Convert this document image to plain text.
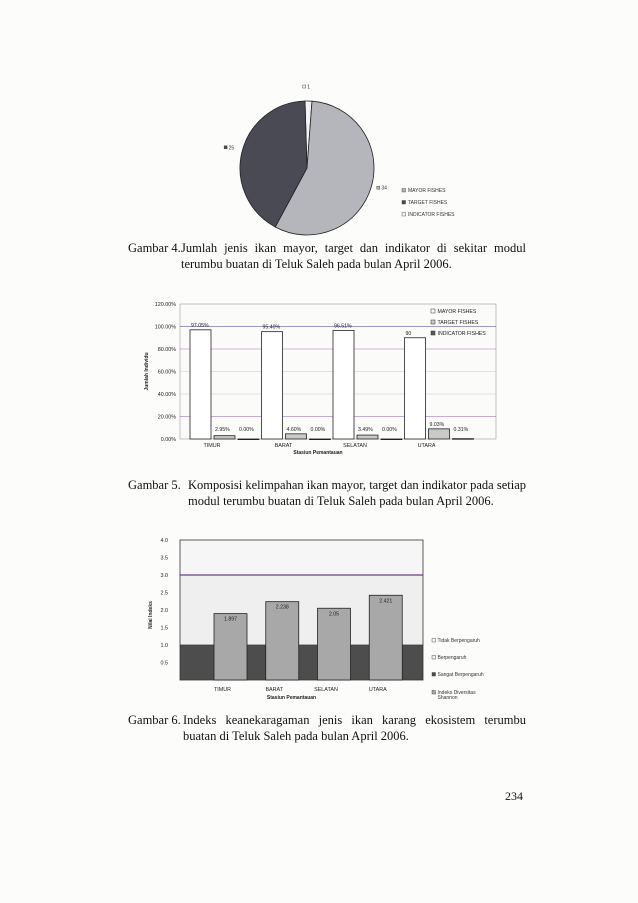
1
34
25
MAYOR FISHES
TARGET FISHES
INDICATOR FISHES
Gambar 4. Jumlah jenis ikan mayor, target dan indikator di sekitar modul terumbu buatan di Teluk Saleh pada bulan April 2006.
0.00%
20.00%
40.00%
60.00%
80.00%
100.00%
120.00%
Jumlah Individu
97.05%
2.95% 0.00%
TIMUR
95.40%
4.60% 0.00%
BARAT
96.51%
3.49% 0.00%
SELATAN
90
9.03%
0.31%
UTARA
Stasiun Pemantauan
MAYOR FISHES
TARGET FISHES
INDICATOR FISHES
Gambar 5. Komposisi kelimpahan ikan mayor, target dan indikator pada setiap modul terumbu buatan di Teluk Saleh pada bulan April 2006.
0.5
1.0
1.5
2.0
2.5
3.0
3.5
4.0
Nilai Indeks	1.897
TIMUR
2.238
BARAT
2.05
SELATAN
2.421
UTARA
Stasiun Pemantauan
Tidak Berpengaruh
Berpengaruh
Sangat Berpengaruh
Indeks Diversitas
Shannon
Gambar 6. Indeks keanekaragaman jenis ikan karang ekosistem terumbu buatan di Teluk Saleh pada bulan April 2006.
234
